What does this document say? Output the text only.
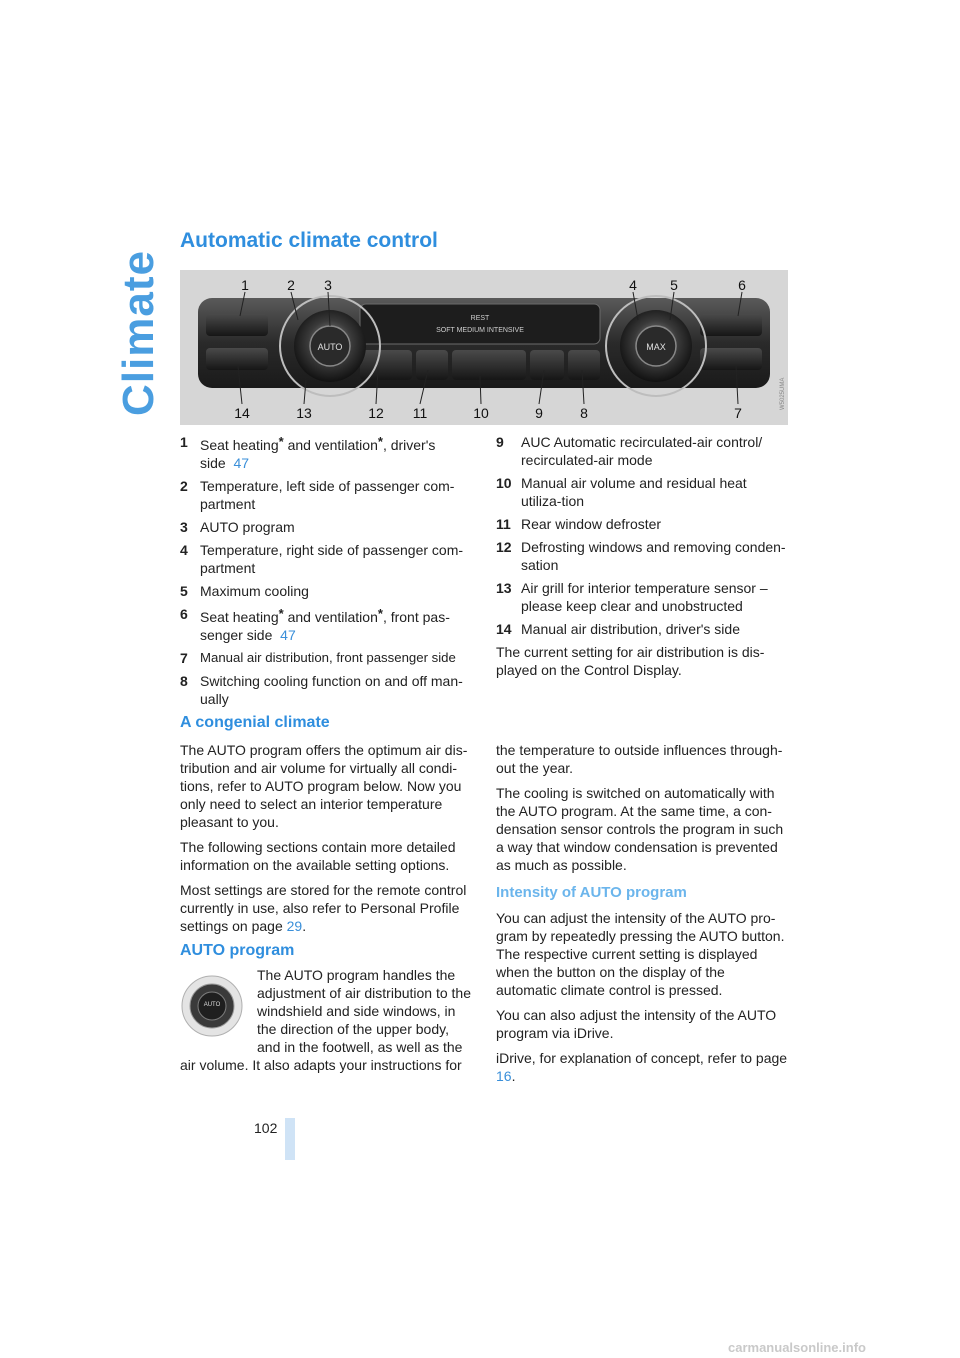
Climate
Automatic climate control
REST
SOFT MEDIUM INTENSIVE
AUTO	MAX
1	2 3	4 5	6
14	13	12 11	10	9	8	7
W5025UMA
1 Seat heating* and ventilation*, driver's side 47
2 Temperature, left side of passenger com-partment
3 AUTO program
4 Temperature, right side of passenger com-partment
5 Maximum cooling
6 Seat heating* and ventilation*, front pas-senger side 47
7 Manual air distribution, front passenger side
8 Switching cooling function on and off man-ually
9	AUC Automatic recirculated-air control/ recirculated-air mode
10 Manual air volume and residual heat utiliza-tion
11 Rear window defroster
12 Defrosting windows and removing conden-sation
13 Air grill for interior temperature sensor – please keep clear and unobstructed
14 Manual air distribution, driver's side
The current setting for air distribution is dis-played on the Control Display.
A congenial climate

The AUTO program offers the optimum air dis-tribution and air volume for virtually all condi-tions, refer to AUTO program below. Now you only need to select an interior temperature pleasant to you.

The following sections contain more detailed information on the available setting options.

Most settings are stored for the remote control currently in use, also refer to Personal Profile settings on page 29.

AUTO program
AUTO
The AUTO program handles the adjustment of air distribution to the windshield and side windows, in the direction of the upper body, and in the footwell, as well as the
air volume. It also adapts your instructions for

the temperature to outside influences through-out the year.

The cooling is switched on automatically with the AUTO program. At the same time, a con-densation sensor controls the program in such a way that window condensation is prevented as much as possible.

Intensity of AUTO program

You can adjust the intensity of the AUTO pro-gram by repeatedly pressing the AUTO button. The respective current setting is displayed when the button on the display of the automatic climate control is pressed.

You can also adjust the intensity of the AUTO program via iDrive.

iDrive, for explanation of concept, refer to page 16.

102
carmanualsonline.info
